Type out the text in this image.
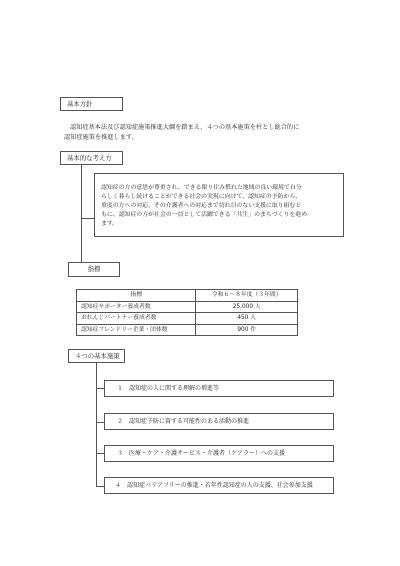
基本方針
認知症基本法及び認知症施策推進大綱を踏まえ、４つの基本施策を柱とし総合的に
認知症施策を推進します。
基本的な考え方
認知症の方の意思が尊重され、できる限り住み慣れた地域の良い環境で自分
らしく暮らし続けることができる社会の実現に向けて、認知症の予防から、
重度の方への対応、その介護者への対応まで切れ目のない支援に取り組むと
もに、認知症の方が社会の一員として活躍できる「共生」のまちづくりを進め
ます。
指標
指標	令和６～８年度（３年間）
認知症サポーター養成者数	25,000 人
おれんじパートナー養成者数	450 人
認知症フレンドリー企業・団体数	900 件
４つの基本施策
１　認知症の人に関する理解の増進等
２　認知症予防に資する可能性のある活動の推進
３　医療・ケア・介護サービス・介護者（ケアラー）への支援
４　認知症バリアフリーの推進・若年性認知症の人の支援、社会参加支援
